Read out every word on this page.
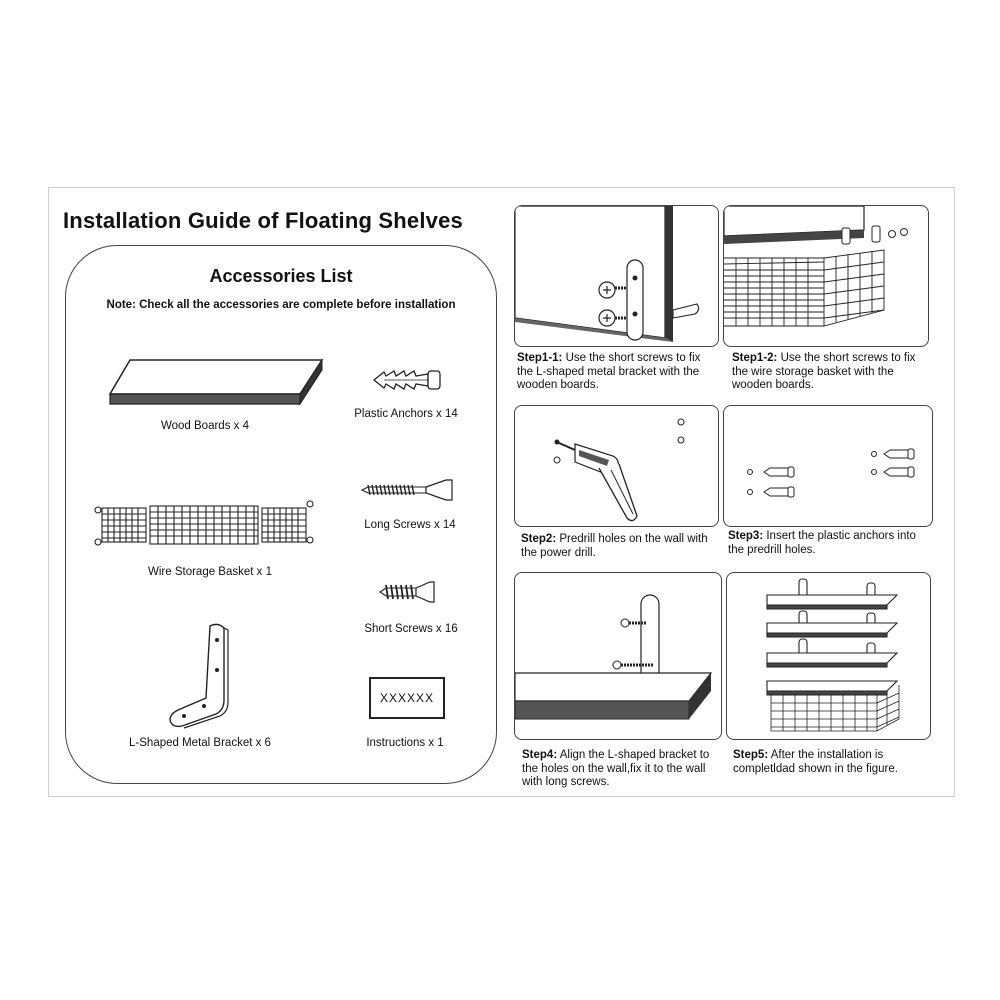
Installation Guide of Floating Shelves
Accessories List
Note: Check all the accessories are complete before installation
Wood Boards x 4
Plastic Anchors x 14
Wire Storage Basket x 1
Long Screws x 14
Short Screws x 16
L-Shaped Metal Bracket x 6
XXXXXX
Instructions x 1
Step1-1: Use the short screws to fix the L-shaped metal bracket with the wooden boards.
Step1-2: Use the short screws to fix the wire storage basket with the wooden boards.
Step2: Predrill holes on the wall with the power drill.
Step3: Insert the plastic anchors into the predrill holes.
Step4: Align the L-shaped bracket to the holes on the wall,fix it to the wall with long screws.
Step5: After the installation is completldad shown in the figure.
